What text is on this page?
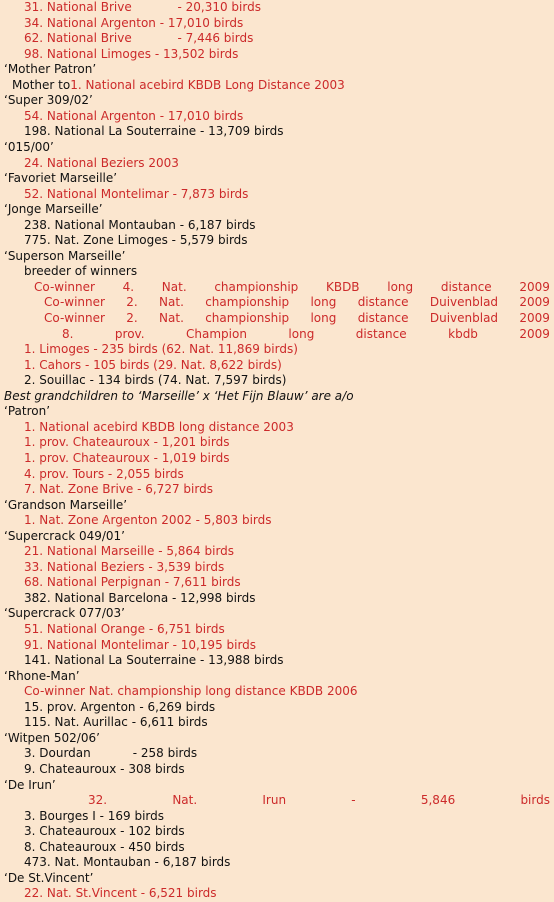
31. National Brive            - 20,310 birds
34. National Argenton - 17,010 birds
62. National Brive            - 7,446 birds
98. National Limoges - 13,502 birds
‘Mother Patron’
Mother to1. National acebird KBDB Long Distance 2003
‘Super 309/02’
54. National Argenton - 17,010 birds
198. National La Souterraine - 13,709 birds
‘015/00’
24. National Beziers 2003
‘Favoriet Marseille’
52. National Montelimar - 7,873 birds
‘Jonge Marseille’
238. National Montauban - 6,187 birds
775. Nat. Zone Limoges - 5,579 birds
‘Superson Marseille’
breeder of winners
Co-winner 4. Nat. championship KBDB long distance 2009
Co-winner 2. Nat. championship long distance Duivenblad 2009
Co-winner 2. Nat. championship long distance Duivenblad 2009
8.	prov.	Champion	long	distance	kbdb	2009
1. Limoges - 235 birds (62. Nat. 11,869 birds)
1. Cahors - 105 birds (29. Nat. 8,622 birds)
2. Souillac - 134 birds (74. Nat. 7,597 birds)
Best grandchildren to ‘Marseille’ x ‘Het Fijn Blauw’ are a/o
‘Patron’
1. National acebird KBDB long distance 2003
1. prov. Chateauroux - 1,201 birds
1. prov. Chateauroux - 1,019 birds
4. prov. Tours - 2,055 birds
7. Nat. Zone Brive - 6,727 birds
‘Grandson Marseille’
1. Nat. Zone Argenton 2002 - 5,803 birds
‘Supercrack 049/01’
21. National Marseille - 5,864 birds
33. National Beziers - 3,539 birds
68. National Perpignan - 7,611 birds
382. National Barcelona - 12,998 birds
‘Supercrack 077/03’
51. National Orange - 6,751 birds
91. National Montelimar - 10,195 birds
141. National La Souterraine - 13,988 birds
‘Rhone-Man’
Co-winner Nat. championship long distance KBDB 2006
15. prov. Argenton - 6,269 birds
115. Nat. Aurillac - 6,611 birds
‘Witpen 502/06’
3. Dourdan           - 258 birds
9. Chateauroux - 308 birds
‘De Irun’
32.	Nat.	Irun	-	5,846	birds
3. Bourges I - 169 birds
3. Chateauroux - 102 birds
8. Chateauroux - 450 birds
473. Nat. Montauban - 6,187 birds
‘De St.Vincent’
22. Nat. St.Vincent - 6,521 birds
